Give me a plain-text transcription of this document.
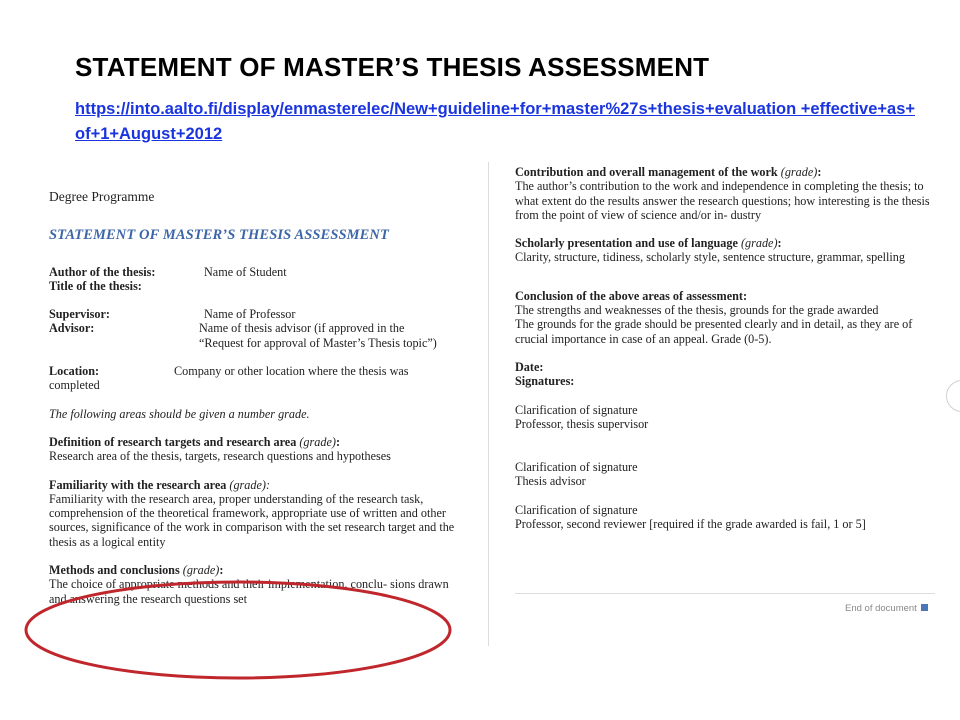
STATEMENT OF MASTER’S THESIS ASSESSMENT
https://into.aalto.fi/display/enmasterelec/New+guideline+for+master%27s+thesis+evaluation +effective+as+of+1+August+2012
Degree Programme
STATEMENT OF MASTER’S THESIS ASSESSMENT
Author of the thesis:	Name of Student
Title of the thesis:
Supervisor:	Name of Professor
Advisor:	Name of thesis advisor (if approved in the “Request for approval of Master’s Thesis topic”)
Location:	Company or other location where the thesis was
completed
The following areas should be given a number grade.
Definition of research targets and research area (grade):
Research area of the thesis, targets, research questions and hypotheses
Familiarity with the research area (grade):
Familiarity with the research area, proper understanding of the research task, comprehension of the theoretical framework, appropriate use of written and other sources, significance of the work in comparison with the set research target and the thesis as a logical entity
Methods and conclusions (grade):
The choice of appropriate methods and their implementation, conclu- sions drawn and answering the research questions set
Contribution and overall management of the work (grade):
The author’s contribution to the work and independence in completing the thesis; to what extent do the results answer the research questions; how interesting is the thesis from the point of view of science and/or in- dustry
Scholarly presentation and use of language (grade):
Clarity, structure, tidiness, scholarly style, sentence structure, grammar, spelling
Conclusion of the above areas of assessment:
The strengths and weaknesses of the thesis, grounds for the grade awarded
The grounds for the grade should be presented clearly and in detail, as they are of crucial importance in case of an appeal. Grade (0-5).
Date:
Signatures:
Clarification of signature
Professor, thesis supervisor
Clarification of signature
Thesis advisor
Clarification of signature
Professor, second reviewer [required if the grade awarded is fail, 1 or 5]
End of document
